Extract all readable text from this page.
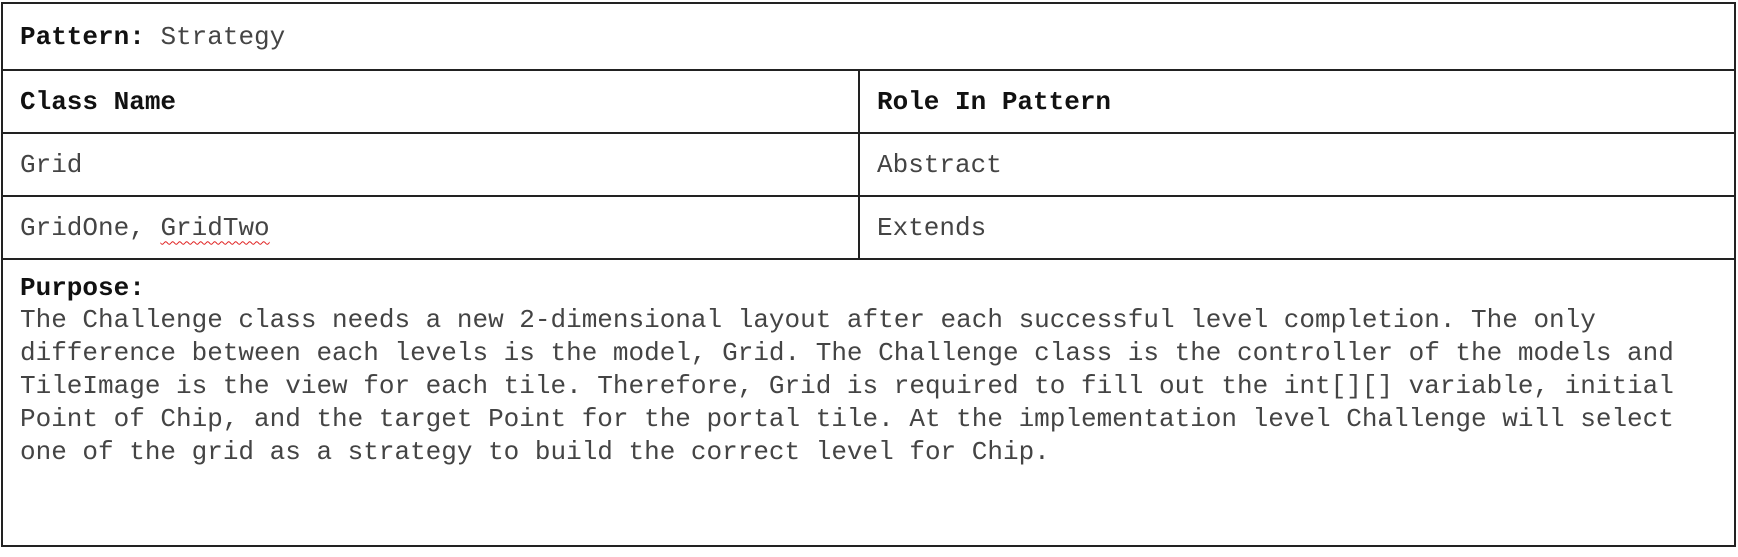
Pattern: Strategy	
Class Name	Role In Pattern
Grid	Abstract
GridOne, GridTwo	Extends

Purpose:

The Challenge class needs a new 2-dimensional layout after each successful level completion. The only difference between each levels is the model, Grid. The Challenge class is the controller of the models and TileImage is the view for each tile. Therefore, Grid is required to fill out the int[][] variable, initial Point of Chip, and the target Point for the portal tile. At the implementation level Challenge will select one of the grid as a strategy to build the correct level for Chip.	
